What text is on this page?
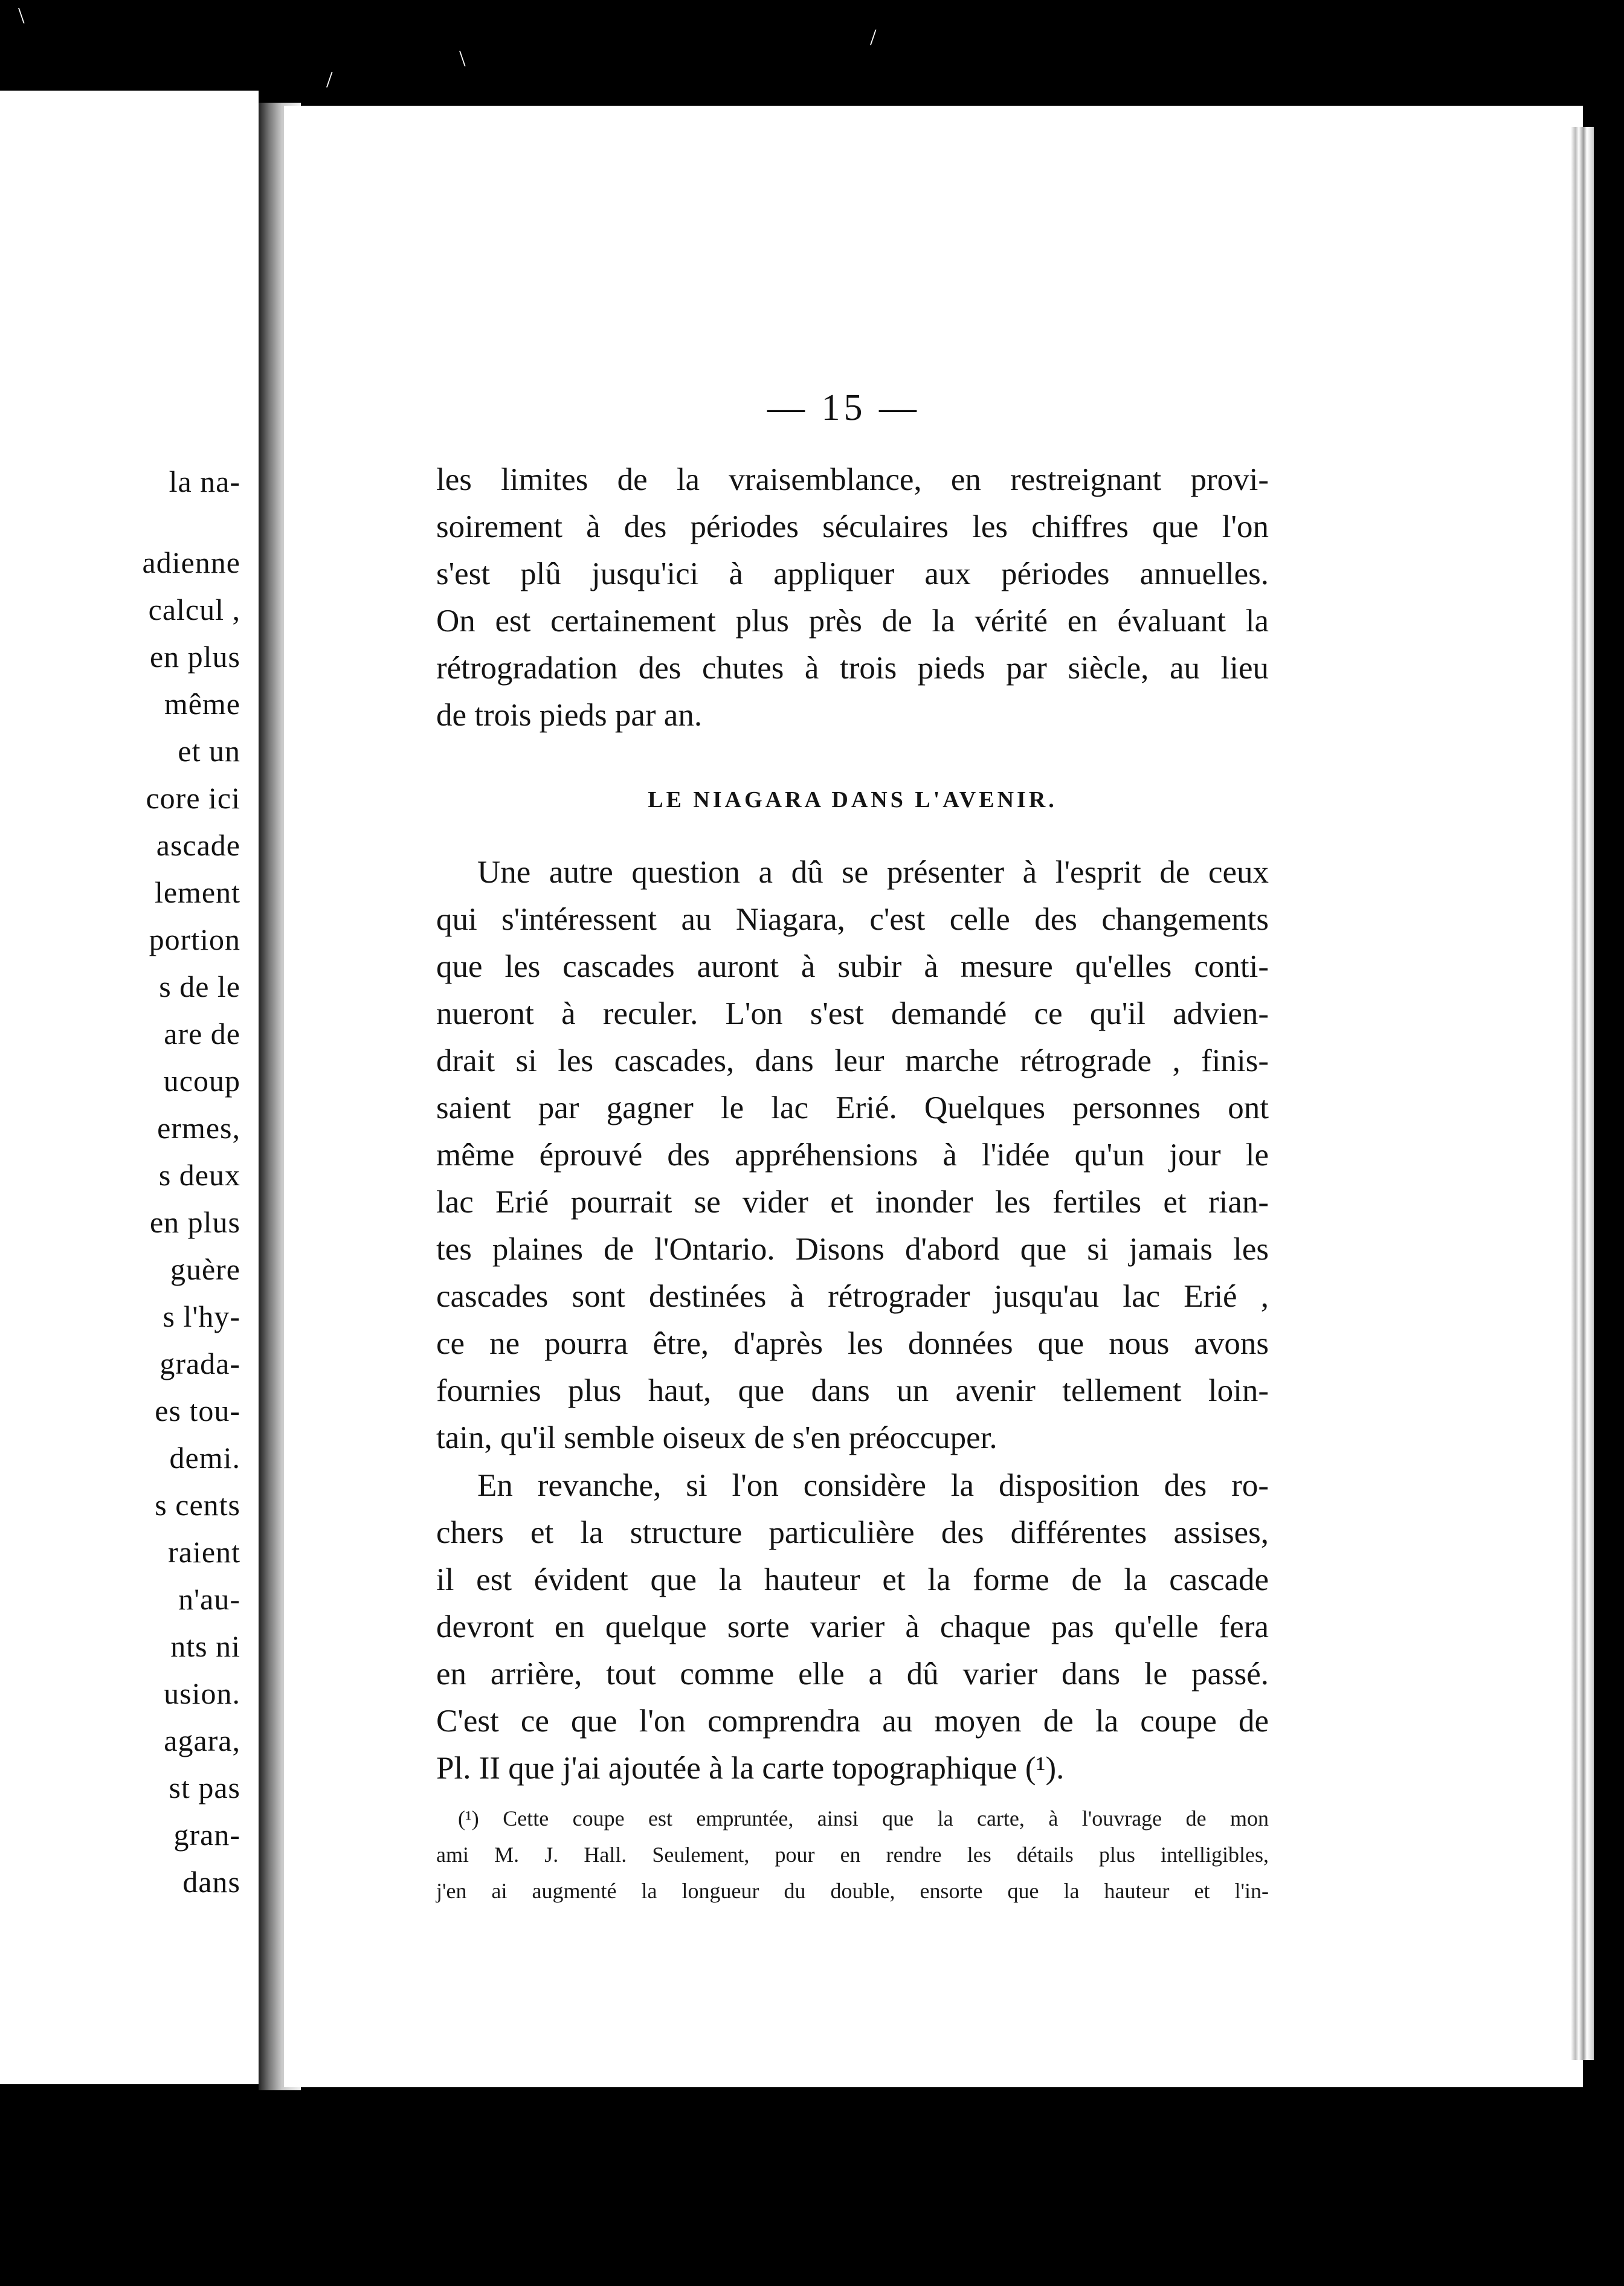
la na-
adienne
calcul ,
en plus
même
et un
core ici
ascade
lement
portion
s de le
are de
ucoup
ermes,
s deux
en plus
guère
s l'hy-
grada-
es tou-
demi.
s cents
raient
n'au-
nts ni
usion.
agara,
st pas
gran-
dans
\
/
\
/
— 15 —
les limites de la vraisemblance, en restreignant provi-
soirement à des périodes séculaires les chiffres que l'on
s'est plû jusqu'ici à appliquer aux périodes annuelles.
On est certainement plus près de la vérité en évaluant la
rétrogradation des chutes à trois pieds par siècle, au lieu
de trois pieds par an.
LE NIAGARA DANS L'AVENIR.
Une autre question a dû se présenter à l'esprit de ceux
qui s'intéressent au Niagara, c'est celle des changements
que les cascades auront à subir à mesure qu'elles conti-
nueront à reculer. L'on s'est demandé ce qu'il advien-
drait si les cascades, dans leur marche rétrograde , finis-
saient par gagner le lac Erié. Quelques personnes ont
même éprouvé des appréhensions à l'idée qu'un jour le
lac Erié pourrait se vider et inonder les fertiles et rian-
tes plaines de l'Ontario. Disons d'abord que si jamais les
cascades sont destinées à rétrograder jusqu'au lac Erié ,
ce ne pourra être, d'après les données que nous avons
fournies plus haut, que dans un avenir tellement loin-
tain, qu'il semble oiseux de s'en préoccuper.
En revanche, si l'on considère la disposition des ro-
chers et la structure particulière des différentes assises,
il est évident que la hauteur et la forme de la cascade
devront en quelque sorte varier à chaque pas qu'elle fera
en arrière, tout comme elle a dû varier dans le passé.
C'est ce que l'on comprendra au moyen de la coupe de
Pl. II que j'ai ajoutée à la carte topographique (¹).
(¹) Cette coupe est empruntée, ainsi que la carte, à l'ouvrage de mon
ami M. J. Hall. Seulement, pour en rendre les détails plus intelligibles,
j'en ai augmenté la longueur du double, ensorte que la hauteur et l'in-
